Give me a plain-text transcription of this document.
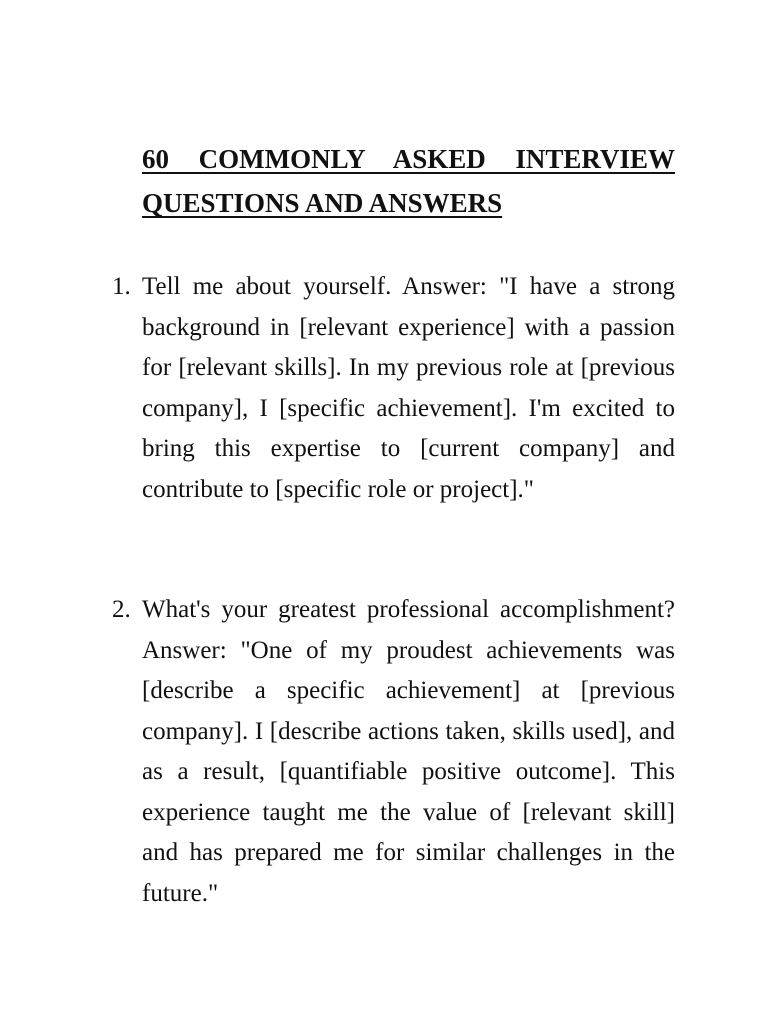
60 COMMONLY ASKED INTERVIEW
QUESTIONS AND ANSWERS
1. Tell me about yourself. Answer: "I have a strong background in [relevant experience] with a passion for [relevant skills]. In my previous role at [previous company], I [specific achievement]. I'm excited to bring this expertise to [current company] and contribute to [specific role or project]."
2. What's your greatest professional accomplishment? Answer: "One of my proudest achievements was [describe a specific achievement] at [previous company]. I [describe actions taken, skills used], and as a result, [quantifiable positive outcome]. This experience taught me the value of [relevant skill] and has prepared me for similar challenges in the future."
